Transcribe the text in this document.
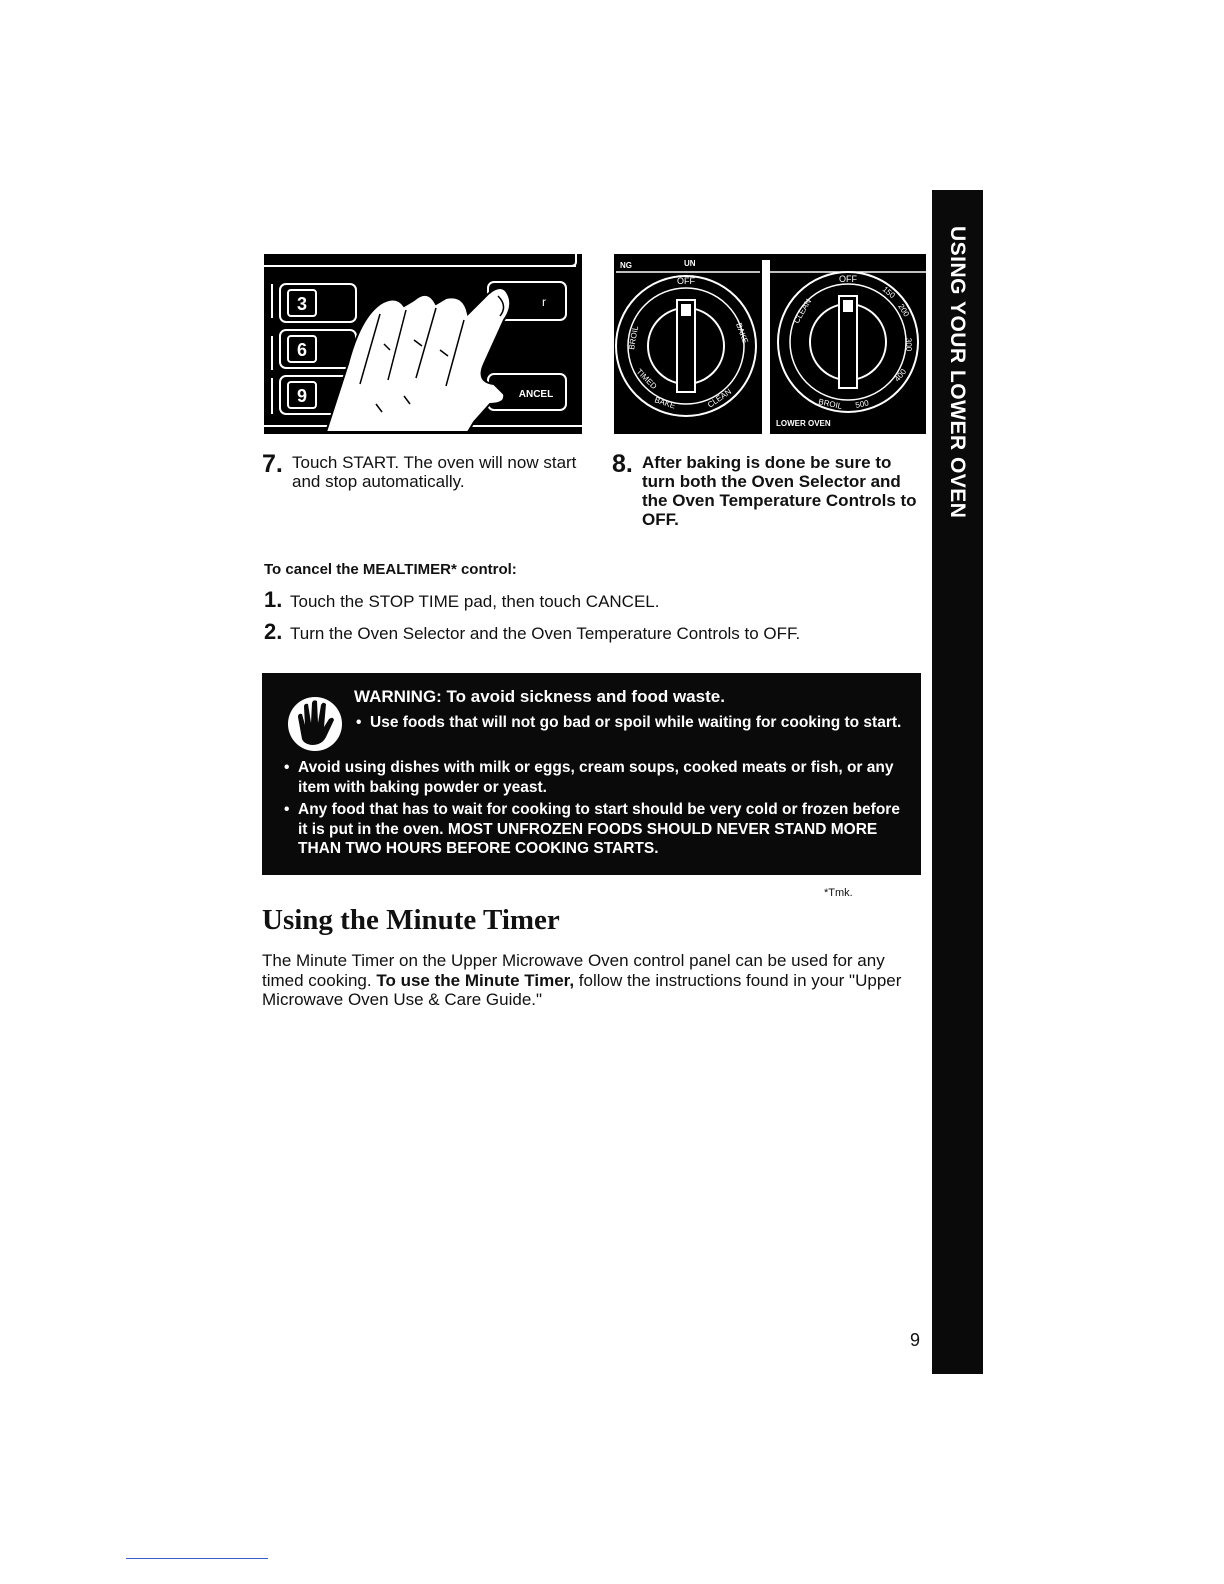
USING YOUR LOWER OVEN
3
6
9
r
ANCEL
NG	UN
OFF
BROIL	BAKE
TIMED
BAKE	CLEAN
OFF
CLEAN
150
200
300
400
BROIL 500
LOWER OVEN
7. Touch START. The oven will now start and stop automatically.
8. After baking is done be sure to turn both the Oven Selector and the Oven Temperature Controls to OFF.
To cancel the MEALTIMER* control:
1. Touch the STOP TIME pad, then touch CANCEL.
2. Turn the Oven Selector and the Oven Temperature Controls to OFF.
WARNING: To avoid sickness and food waste.
• Use foods that will not go bad or spoil while waiting for cooking to start.
• Avoid using dishes with milk or eggs, cream soups, cooked meats or fish, or any item with baking powder or yeast.
• Any food that has to wait for cooking to start should be very cold or frozen before it is put in the oven. MOST UNFROZEN FOODS SHOULD NEVER STAND MORE THAN TWO HOURS BEFORE COOKING STARTS.
*Tmk.
Using the Minute Timer
The Minute Timer on the Upper Microwave Oven control panel can be used for any timed cooking. To use the Minute Timer, follow the instructions found in your "Upper Microwave Oven Use & Care Guide."
9
